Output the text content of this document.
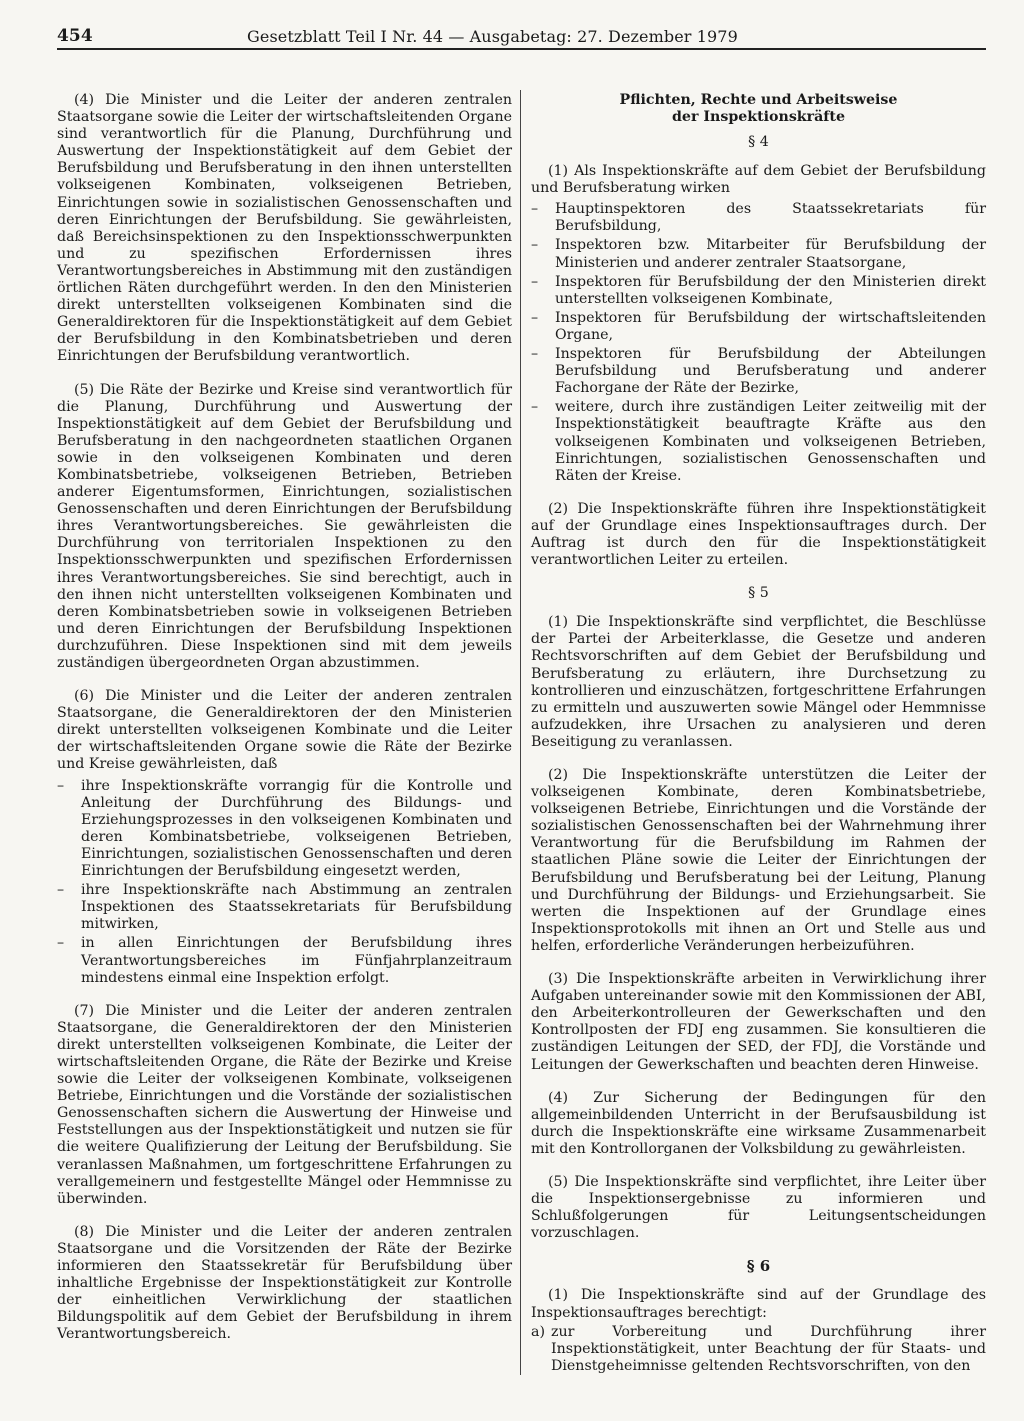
454	Gesetzblatt Teil I Nr. 44 — Ausgabetag: 27. Dezember 1979

(4) Die Minister und die Leiter der anderen zentralen Staatsorgane sowie die Leiter der wirtschaftsleitenden Organe sind verantwortlich für die Planung, Durchführung und Auswertung der Inspektionstätigkeit auf dem Gebiet der Berufsbildung und Berufsberatung in den ihnen unterstellten volkseigenen Kombinaten, volkseigenen Betrieben, Einrichtungen sowie in sozialistischen Genossenschaften und deren Einrichtungen der Berufsbildung. Sie gewährleisten, daß Bereichsinspektionen zu den Inspektionsschwerpunkten und zu spezifischen Erfordernissen ihres Verantwortungsbereiches in Abstimmung mit den zuständigen örtlichen Räten durchgeführt werden. In den den Ministerien direkt unterstellten volkseigenen Kombinaten sind die Generaldirektoren für die Inspektionstätigkeit auf dem Gebiet der Berufsbildung in den Kombinatsbetrieben und deren Einrichtungen der Berufsbildung verantwortlich.

(5) Die Räte der Bezirke und Kreise sind verantwortlich für die Planung, Durchführung und Auswertung der Inspektionstätigkeit auf dem Gebiet der Berufsbildung und Berufsberatung in den nachgeordneten staatlichen Organen sowie in den volkseigenen Kombinaten und deren Kombinatsbetriebe, volkseigenen Betrieben, Betrieben anderer Eigentumsformen, Einrichtungen, sozialistischen Genossenschaften und deren Einrichtungen der Berufsbildung ihres Verantwortungsbereiches. Sie gewährleisten die Durchführung von territorialen Inspektionen zu den Inspektionsschwerpunkten und spezifischen Erfordernissen ihres Verantwortungsbereiches. Sie sind berechtigt, auch in den ihnen nicht unterstellten volkseigenen Kombinaten und deren Kombinatsbetrieben sowie in volkseigenen Betrieben und deren Einrichtungen der Berufsbildung Inspektionen durchzuführen. Diese Inspektionen sind mit dem jeweils zuständigen übergeordneten Organ abzustimmen.

(6) Die Minister und die Leiter der anderen zentralen Staatsorgane, die Generaldirektoren der den Ministerien direkt unterstellten volkseigenen Kombinate und die Leiter der wirtschaftsleitenden Organe sowie die Räte der Bezirke und Kreise gewährleisten, daß

–	ihre Inspektionskräfte vorrangig für die Kontrolle und Anleitung der Durchführung des Bildungs- und Erziehungsprozesses in den volkseigenen Kombinaten und deren Kombinatsbetriebe, volkseigenen Betrieben, Einrichtungen, sozialistischen Genossenschaften und deren Einrichtungen der Berufsbildung eingesetzt werden,
–	ihre Inspektionskräfte nach Abstimmung an zentralen Inspektionen des Staatssekretariats für Berufsbildung mitwirken,
–	in allen Einrichtungen der Berufsbildung ihres Verantwortungsbereiches im Fünfjahrplanzeitraum mindestens einmal eine Inspektion erfolgt.

(7) Die Minister und die Leiter der anderen zentralen Staatsorgane, die Generaldirektoren der den Ministerien direkt unterstellten volkseigenen Kombinate, die Leiter der wirtschaftsleitenden Organe, die Räte der Bezirke und Kreise sowie die Leiter der volkseigenen Kombinate, volkseigenen Betriebe, Einrichtungen und die Vorstände der sozialistischen Genossenschaften sichern die Auswertung der Hinweise und Feststellungen aus der Inspektionstätigkeit und nutzen sie für die weitere Qualifizierung der Leitung der Berufsbildung. Sie veranlassen Maßnahmen, um fortgeschrittene Erfahrungen zu verallgemeinern und festgestellte Mängel oder Hemmnisse zu überwinden.

(8) Die Minister und die Leiter der anderen zentralen Staatsorgane und die Vorsitzenden der Räte der Bezirke informieren den Staatssekretär für Berufsbildung über inhaltliche Ergebnisse der Inspektionstätigkeit zur Kontrolle der einheitlichen Verwirklichung der staatlichen Bildungspolitik auf dem Gebiet der Berufsbildung in ihrem Verantwortungsbereich.

Pflichten, Rechte und Arbeitsweise
der Inspektionskräfte
§ 4

(1) Als Inspektionskräfte auf dem Gebiet der Berufsbildung und Berufsberatung wirken

–	Hauptinspektoren des Staatssekretariats für Berufsbildung,
–	Inspektoren bzw. Mitarbeiter für Berufsbildung der Ministerien und anderer zentraler Staatsorgane,
–	Inspektoren für Berufsbildung der den Ministerien direkt unterstellten volkseigenen Kombinate,
–	Inspektoren für Berufsbildung der wirtschaftsleitenden Organe,
–	Inspektoren für Berufsbildung der Abteilungen Berufsbildung und Berufsberatung und anderer Fachorgane der Räte der Bezirke,
–	weitere, durch ihre zuständigen Leiter zeitweilig mit der Inspektionstätigkeit beauftragte Kräfte aus den volkseigenen Kombinaten und volkseigenen Betrieben, Einrichtungen, sozialistischen Genossenschaften und Räten der Kreise.

(2) Die Inspektionskräfte führen ihre Inspektionstätigkeit auf der Grundlage eines Inspektionsauftrages durch. Der Auftrag ist durch den für die Inspektionstätigkeit verantwortlichen Leiter zu erteilen.

§ 5

(1) Die Inspektionskräfte sind verpflichtet, die Beschlüsse der Partei der Arbeiterklasse, die Gesetze und anderen Rechtsvorschriften auf dem Gebiet der Berufsbildung und Berufsberatung zu erläutern, ihre Durchsetzung zu kontrollieren und einzuschätzen, fortgeschrittene Erfahrungen zu ermitteln und auszuwerten sowie Mängel oder Hemmnisse aufzudekken, ihre Ursachen zu analysieren und deren Beseitigung zu veranlassen.

(2) Die Inspektionskräfte unterstützen die Leiter der volkseigenen Kombinate, deren Kombinatsbetriebe, volkseigenen Betriebe, Einrichtungen und die Vorstände der sozialistischen Genossenschaften bei der Wahrnehmung ihrer Verantwortung für die Berufsbildung im Rahmen der staatlichen Pläne sowie die Leiter der Einrichtungen der Berufsbildung und Berufsberatung bei der Leitung, Planung und Durchführung der Bildungs- und Erziehungsarbeit. Sie werten die Inspektionen auf der Grundlage eines Inspektionsprotokolls mit ihnen an Ort und Stelle aus und helfen, erforderliche Veränderungen herbeizuführen.

(3) Die Inspektionskräfte arbeiten in Verwirklichung ihrer Aufgaben untereinander sowie mit den Kommissionen der ABI, den Arbeiterkontrolleuren der Gewerkschaften und den Kontrollposten der FDJ eng zusammen. Sie konsultieren die zuständigen Leitungen der SED, der FDJ, die Vorstände und Leitungen der Gewerkschaften und beachten deren Hinweise.

(4) Zur Sicherung der Bedingungen für den allgemeinbildenden Unterricht in der Berufsausbildung ist durch die Inspektionskräfte eine wirksame Zusammenarbeit mit den Kontrollorganen der Volksbildung zu gewährleisten.

(5) Die Inspektionskräfte sind verpflichtet, ihre Leiter über die Inspektionsergebnisse zu informieren und Schlußfolgerungen für Leitungsentscheidungen vorzuschlagen.

§ 6

(1) Die Inspektionskräfte sind auf der Grundlage des Inspektionsauftrages berechtigt:

a) zur Vorbereitung und Durchführung ihrer Inspektionstätigkeit, unter Beachtung der für Staats- und Dienstgeheimnisse geltenden Rechtsvorschriften, von den
